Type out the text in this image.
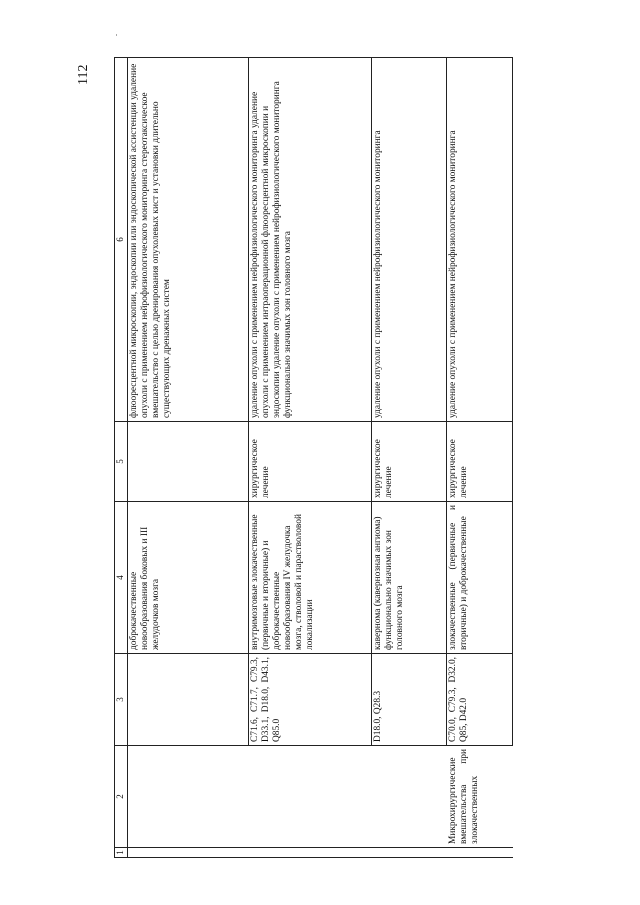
112
1	2	3	4	5	6
			доброкачественные новообразования боковых и III желудочков мозга		флюоресцентной микроскопии, эндоскопии или эндоскопической ассистенции удаление опухоли с применением нейрофизиологического мониторинга стереотаксическое вмешательство с целью дренирования опухолевых кист и установки длительно существующих дренажных систем
		C71.6, C71.7, C79.3, D33.1, D18.0, D43.1, Q85.0	внутримозговые злокачественные (первичные и вторичные) и доброкачественные новообразования IV желудочка мозга, стволовой и парастволовой локализации	хирургическое лечение	удаление опухоли с применением нейрофизиологического мониторинга удаление опухоли с применением интраоперационной флюоресцентной микроскопии и эндоскопии удаление опухоли с применением нейрофизиологического мониторинга функционально значимых зон головного мозга
		D18.0, Q28.3	кавернома (кавернозная ангиома) функционально значимых зон головного мозга	хирургическое лечение	удаление опухоли с применением нейрофизиологического мониторинга
	Микрохирургические вмешательства при злокачественных	C70.0, C79.3, D32.0, Q85, D42.0	злокачественные (первичные и вторичные) и доброкачественные	хирургическое лечение	удаление опухоли с применением нейрофизиологического мониторинга
